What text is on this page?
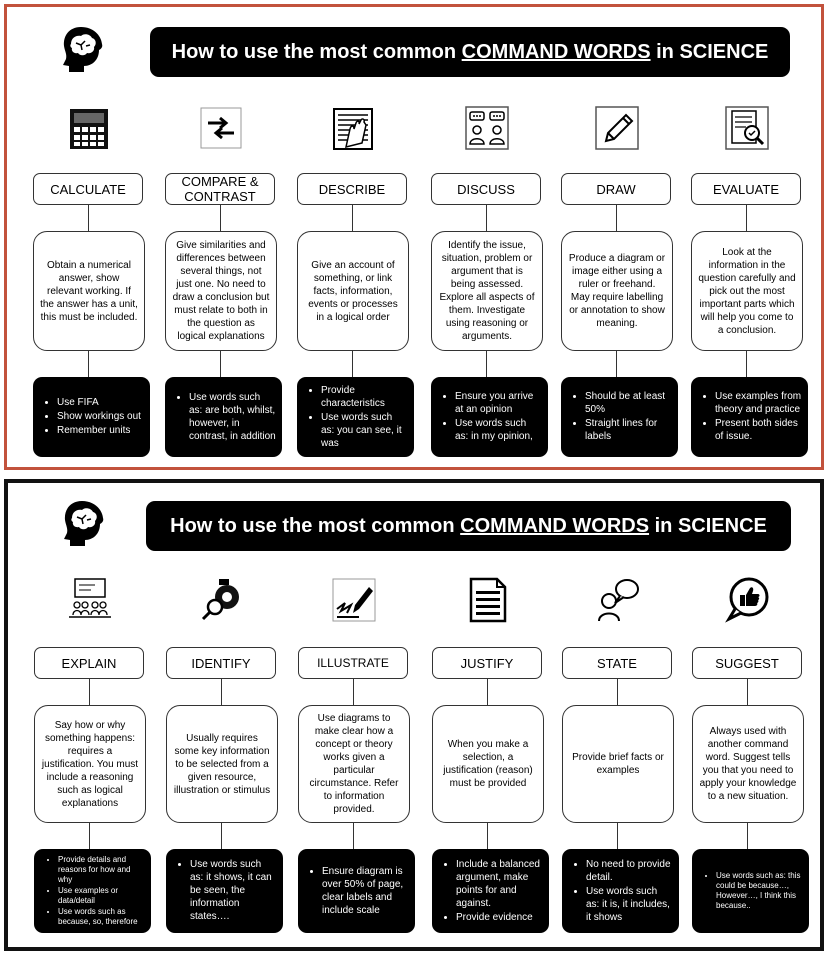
How to use the most common
COMMAND WORDS
in SCIENCE
CALCULATE
Obtain a numerical answer, show relevant working. If the answer has a unit, this must be included.
• Use FIFA
• Show workings out
• Remember units
COMPARE & CONTRAST
Give similarities and differences between several things, not just one. No need to draw a conclusion but must relate to both in the question as logical explanations
• Use words such as: are both, whilst, however, in contrast, in addition
DESCRIBE
Give an account of something, or link facts, information, events or processes in a logical order
• Provide characteristics
• Use words such as: you can see, it was
DISCUSS
Identify the issue, situation, problem or argument that is being assessed. Explore all aspects of them. Investigate using reasoning or arguments.
• Ensure you arrive at an opinion
• Use words such as: in my opinion,
DRAW
Produce a diagram or image either using a ruler or freehand. May require labelling or annotation to show meaning.
• Should be at least 50%
• Straight lines for labels
EVALUATE
Look at the information in the question carefully and pick out the most important parts which will help you come to a conclusion.
• Use examples from theory and practice
• Present both sides of issue.
How to use the most common
COMMAND WORDS
in SCIENCE
EXPLAIN
Say how or why something happens: requires a justification. You must include a reasoning such as logical explanations
• Provide details and reasons for how and why
• Use examples or data/detail
• Use words such as because, so, therefore
IDENTIFY
Usually requires some key information to be selected from a given resource, illustration or stimulus
• Use words such as: it shows, it can be seen, the information states….
ILLUSTRATE
Use diagrams to make clear how a concept or theory works given a particular circumstance. Refer to information provided.
• Ensure diagram is over 50% of page, clear labels and include scale
JUSTIFY
When you make a selection, a justification (reason) must be provided
• Include a balanced argument, make points for and against.
• Provide evidence
STATE
Provide brief facts or examples
• No need to provide detail.
• Use words such as: it is, it includes, it shows
SUGGEST
Always used with another command word. Suggest tells you that you need to apply your knowledge to a new situation.
• Use words such as: this could be because…, However…, I think this because..
